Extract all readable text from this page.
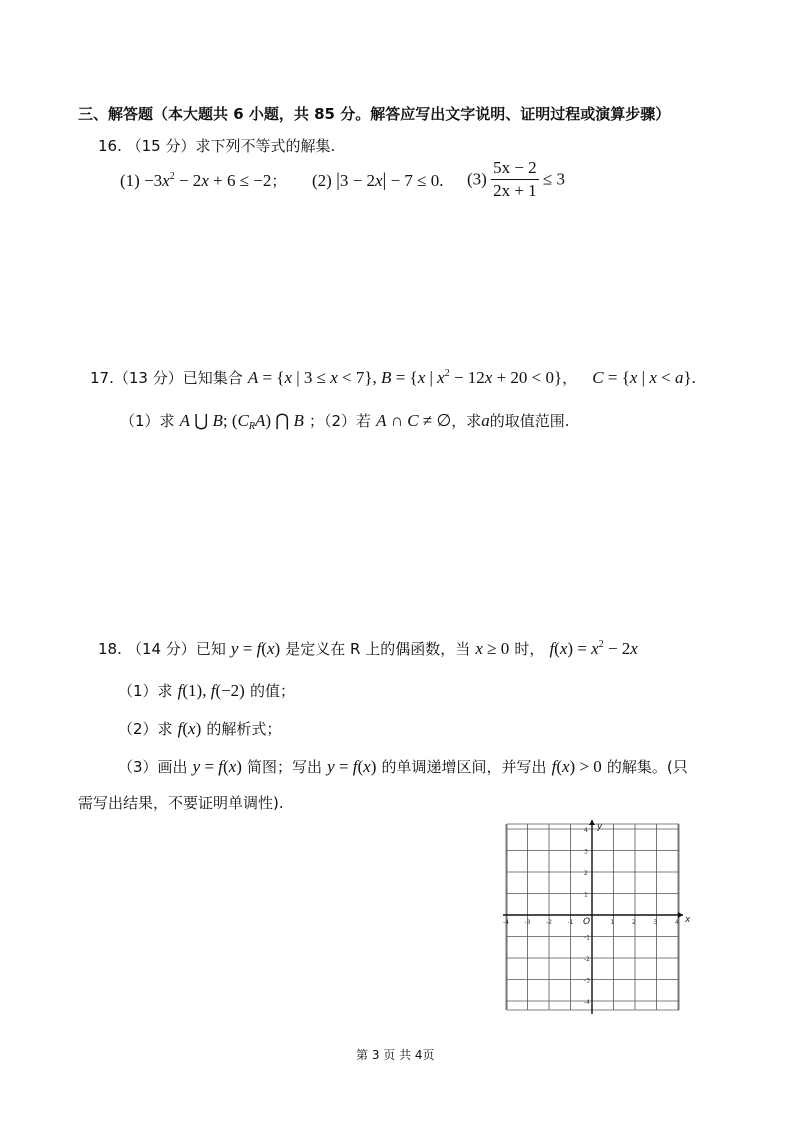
三、解答题（本大题共 6 小题，共 85 分。解答应写出文字说明、证明过程或演算步骤）
16. （15 分）求下列不等式的解集.
$(1) -3x^2 - 2x + 6 \le -2$； (2) |3 − 2x| − 7 ≤ 0. $(3) \frac{5x - 2}{2x + 1} \le 3$
17.（13 分）已知集合 A = {x | 3 ≤ x < 7}, B = {x | $x^2 - 12x + 20 < 0$}， C = {x | x < a}.
（1）求 A ⋃ B; $(C_RA)$ ⋂ B ；（2）若 A ∩ C ≠ ∅，求a的取值范围.
18. （14 分）已知 y = f(x) 是定义在 R 上的偶函数，当 x ≥ 0 时， $f(x) = x^2 - 2x$
（1）求 f(1), f(−2) 的值；
（2）求 f(x) 的解析式；
（3）画出 y = f(x) 简图；写出 y = f(x) 的单调递增区间，并写出 f(x) > 0 的解集。(只
需写出结果，不要证明单调性).
-4	-3	-2	-1	1	2	3	4
4
3
2
1
-1
-2
-3
-4
x
y
O
第 3 页 共 4页
